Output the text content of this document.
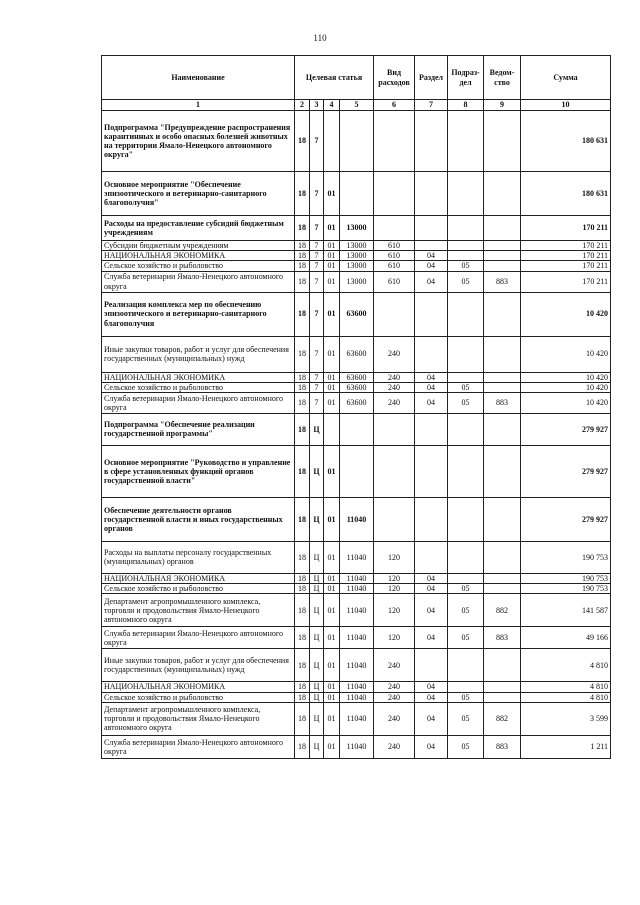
110
Наименование	Целевая статья				Вид расходов	Раздел	Подраз-дел	Ведом-ство	Сумма
1	2	3	4	5	6	7	8	9	10
Подпрограмма "Предупреждение распространения карантинных и особо опасных болезней животных на территории Ямало-Ненецкого автономного округа"	18	7							180 631
Основное мероприятие "Обеспечение эпизоотического и ветеринарно-санитарного благополучия"	18	7	01						180 631
Расходы на предоставление субсидий бюджетным учреждениям	18	7	01	13000					170 211
Субсидии бюджетным учреждениям	18	7	01	13000	610				170 211
НАЦИОНАЛЬНАЯ ЭКОНОМИКА	18	7	01	13000	610	04			170 211
Сельское хозяйство и рыболовство	18	7	01	13000	610	04	05		170 211
Служба ветеринарии Ямало-Ненецкого автономного округа	18	7	01	13000	610	04	05	883	170 211
Реализация комплекса мер по обеспечению эпизоотического и ветеринарно-санитарного благополучия	18	7	01	63600					10 420
Иные закупки товаров, работ и услуг для обеспечения государственных (муниципальных) нужд	18	7	01	63600	240				10 420
НАЦИОНАЛЬНАЯ ЭКОНОМИКА	18	7	01	63600	240	04			10 420
Сельское хозяйство и рыболовство	18	7	01	63600	240	04	05		10 420
Служба ветеринарии Ямало-Ненецкого автономного округа	18	7	01	63600	240	04	05	883	10 420
Подпрограмма "Обеспечение реализации государственной программы"	18	Ц							279 927
Основное мероприятие "Руководство и управление в сфере установленных функций органов государственной власти"	18	Ц	01						279 927
Обеспечение деятельности органов государственной власти и иных государственных органов	18	Ц	01	11040					279 927
Расходы на выплаты персоналу государственных (муниципальных) органов	18	Ц	01	11040	120				190 753
НАЦИОНАЛЬНАЯ ЭКОНОМИКА	18	Ц	01	11040	120	04			190 753
Сельское хозяйство и рыболовство	18	Ц	01	11040	120	04	05		190 753
Департамент агропромышленного комплекса, торговли и продовольствия Ямало-Ненецкого автономного округа	18	Ц	01	11040	120	04	05	882	141 587
Служба ветеринарии Ямало-Ненецкого автономного округа	18	Ц	01	11040	120	04	05	883	49 166
Иные закупки товаров, работ и услуг для обеспечения государственных (муниципальных) нужд	18	Ц	01	11040	240				4 810
НАЦИОНАЛЬНАЯ ЭКОНОМИКА	18	Ц	01	11040	240	04			4 810
Сельское хозяйство и рыболовство	18	Ц	01	11040	240	04	05		4 810
Департамент агропромышленного комплекса, торговли и продовольствия Ямало-Ненецкого автономного округа	18	Ц	01	11040	240	04	05	882	3 599
Служба ветеринарии Ямало-Ненецкого автономного округа	18	Ц	01	11040	240	04	05	883	1 211
